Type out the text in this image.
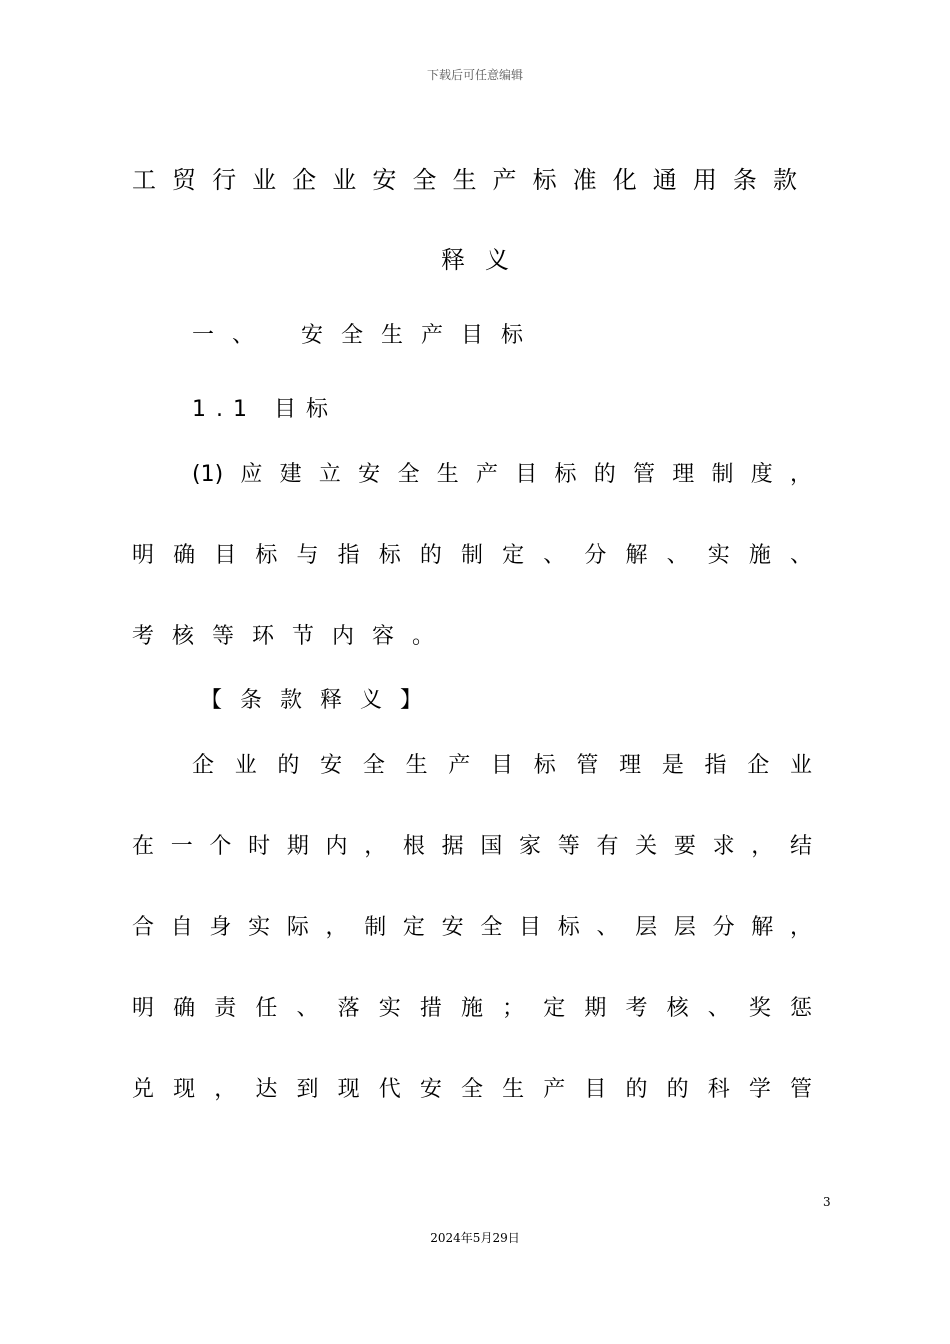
下载后可任意编辑
工贸行业企业安全生产标准化通用条款
释义
一、　安全生产目标
1.1 目标
(1)应建立安全生产目标的管理制度，
明确目标与指标的制定、分解、实施、
考核等环节内容。
【条款释义】
企业的安全生产目标管理是指企业
在一个时期内，根据国家等有关要求，结
合自身实际，制定安全目标、层层分解，
明确责任、落实措施；定期考核、奖惩
兑现，达到现代安全生产目的的科学管
3
2024年5月29日
